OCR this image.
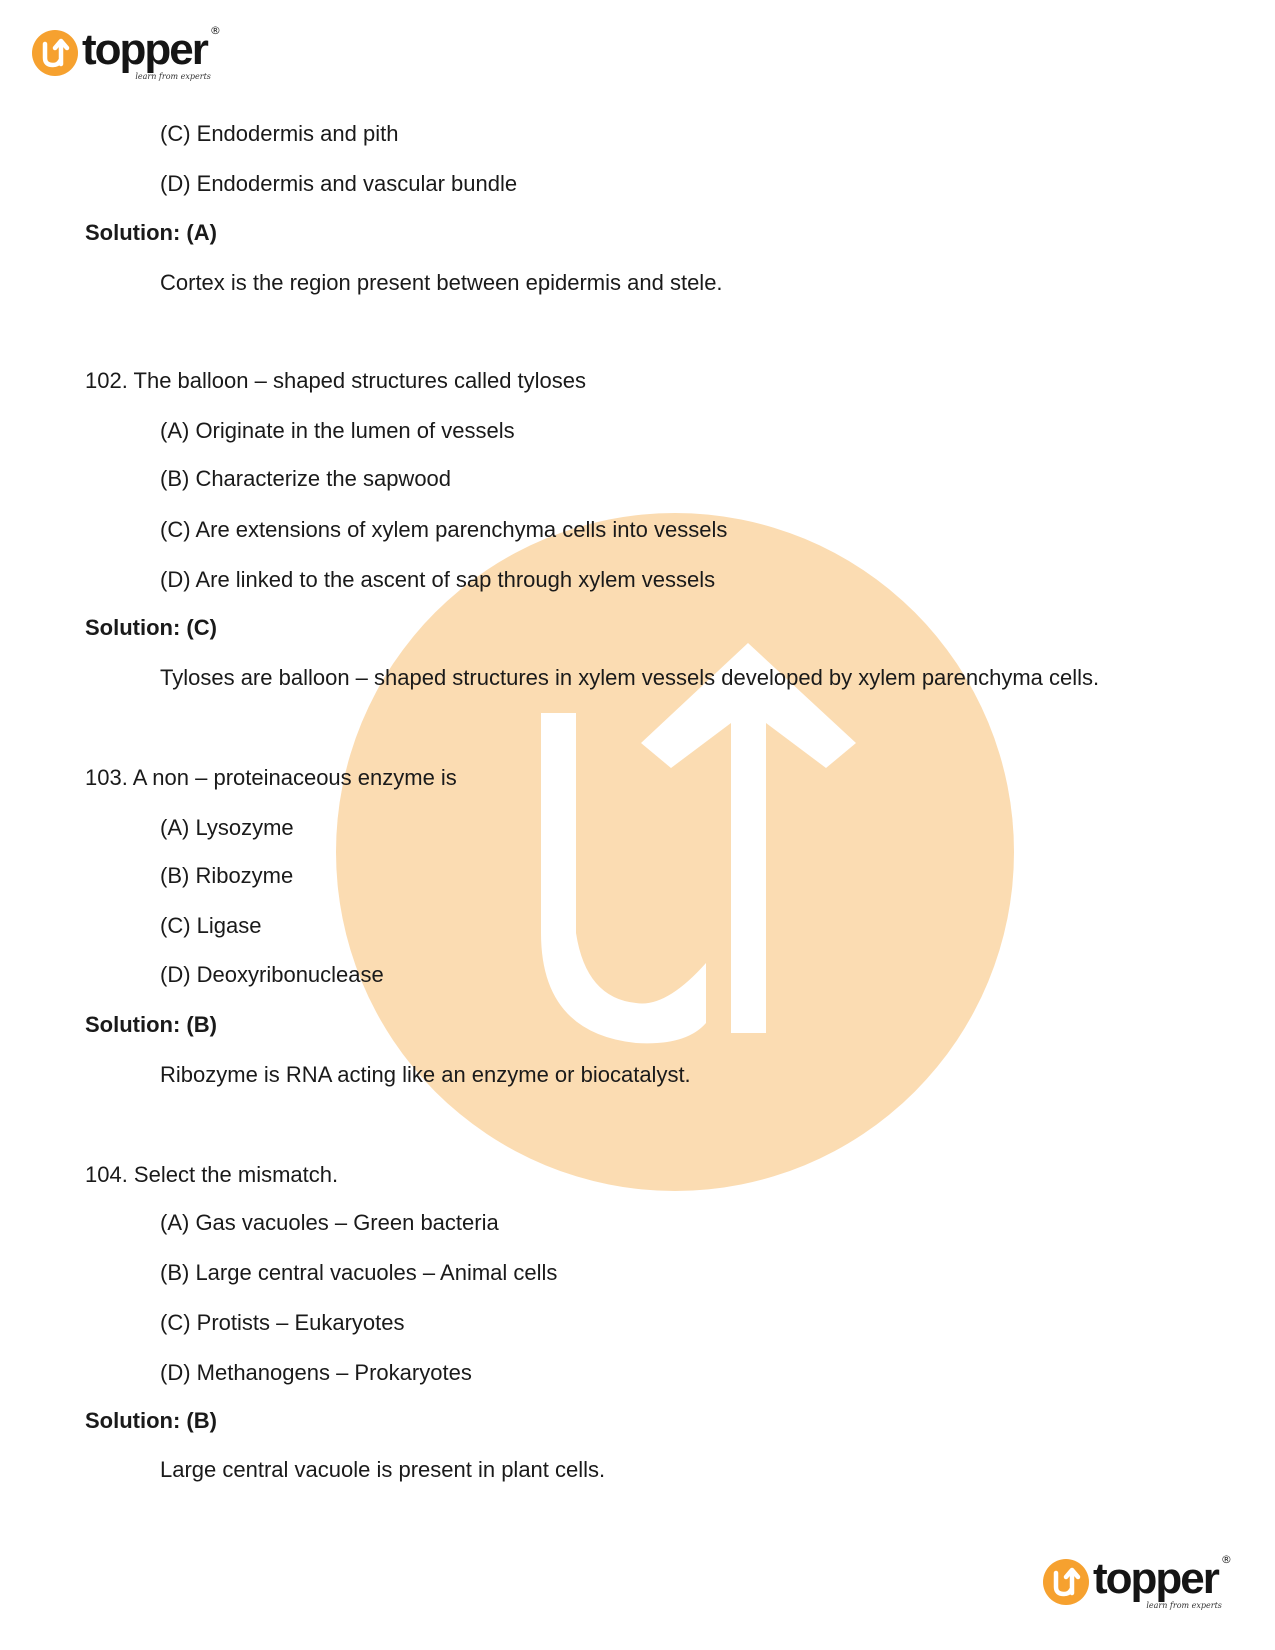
topper ®
learn from experts
(C) Endodermis and pith
(D) Endodermis and vascular bundle
Solution: (A)
Cortex is the region present between epidermis and stele.
102. The balloon – shaped structures called tyloses
(A) Originate in the lumen of vessels
(B) Characterize the sapwood
(C) Are extensions of xylem parenchyma cells into vessels
(D) Are linked to the ascent of sap through xylem vessels
Solution: (C)
Tyloses are balloon – shaped structures in xylem vessels developed by xylem parenchyma cells.
103. A non – proteinaceous enzyme is
(A) Lysozyme
(B) Ribozyme
(C) Ligase
(D) Deoxyribonuclease
Solution: (B)
Ribozyme is RNA acting like an enzyme or biocatalyst.
104. Select the mismatch.
(A) Gas vacuoles – Green bacteria
(B) Large central vacuoles – Animal cells
(C) Protists – Eukaryotes
(D) Methanogens – Prokaryotes
Solution: (B)
Large central vacuole is present in plant cells.
topper ®
learn from experts
